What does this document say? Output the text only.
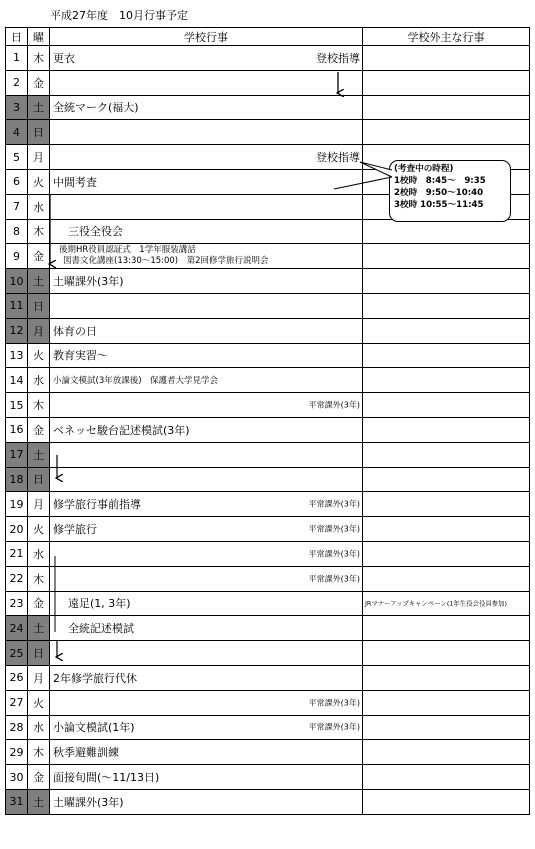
平成27年度　10月行事予定
日	曜	学校行事	学校外主な行事
1	木	更衣 登校指導	

2	金		
3	土	全統マーク(福大)	

4	日		
5	月	登校指導	

6	火	中間考査	

7	水		
8	木	三役全役会	

9	金	後期HR役員認証式　1学年服装講話
図書文化講座(13:30～15:00)　第2回修学旅行説明会	

10	土	土曜課外(3年)	

11	日		
12	月	体育の日	

13	火	教育実習～	

14	水	小論文模試(3年放課後)　保護者大学見学会	

15	木	平常課外(3年)	

16	金	ベネッセ駿台記述模試(3年)	

17	土		
18	日		
19	月	修学旅行事前指導 平常課外(3年)	

20	火	修学旅行 平常課外(3年)	

21	水	平常課外(3年)	

22	木	平常課外(3年)	

23	金	遠足(1, 3年)	JRマナーアップキャンペーン(1年生役会役員参加)

24	土	全統記述模試	

25	日		
26	月	2年修学旅行代休	

27	火	平常課外(3年)	

28	水	小論文模試(1年) 平常課外(3年)	

29	木	秋季避難訓練	

30	金	面接旬間(～11/13日)	

31	土	土曜課外(3年)	

(考査中の時程)
1校時　8:45～　9:35
2校時　9:50～10:40
3校時 10:55～11:45
